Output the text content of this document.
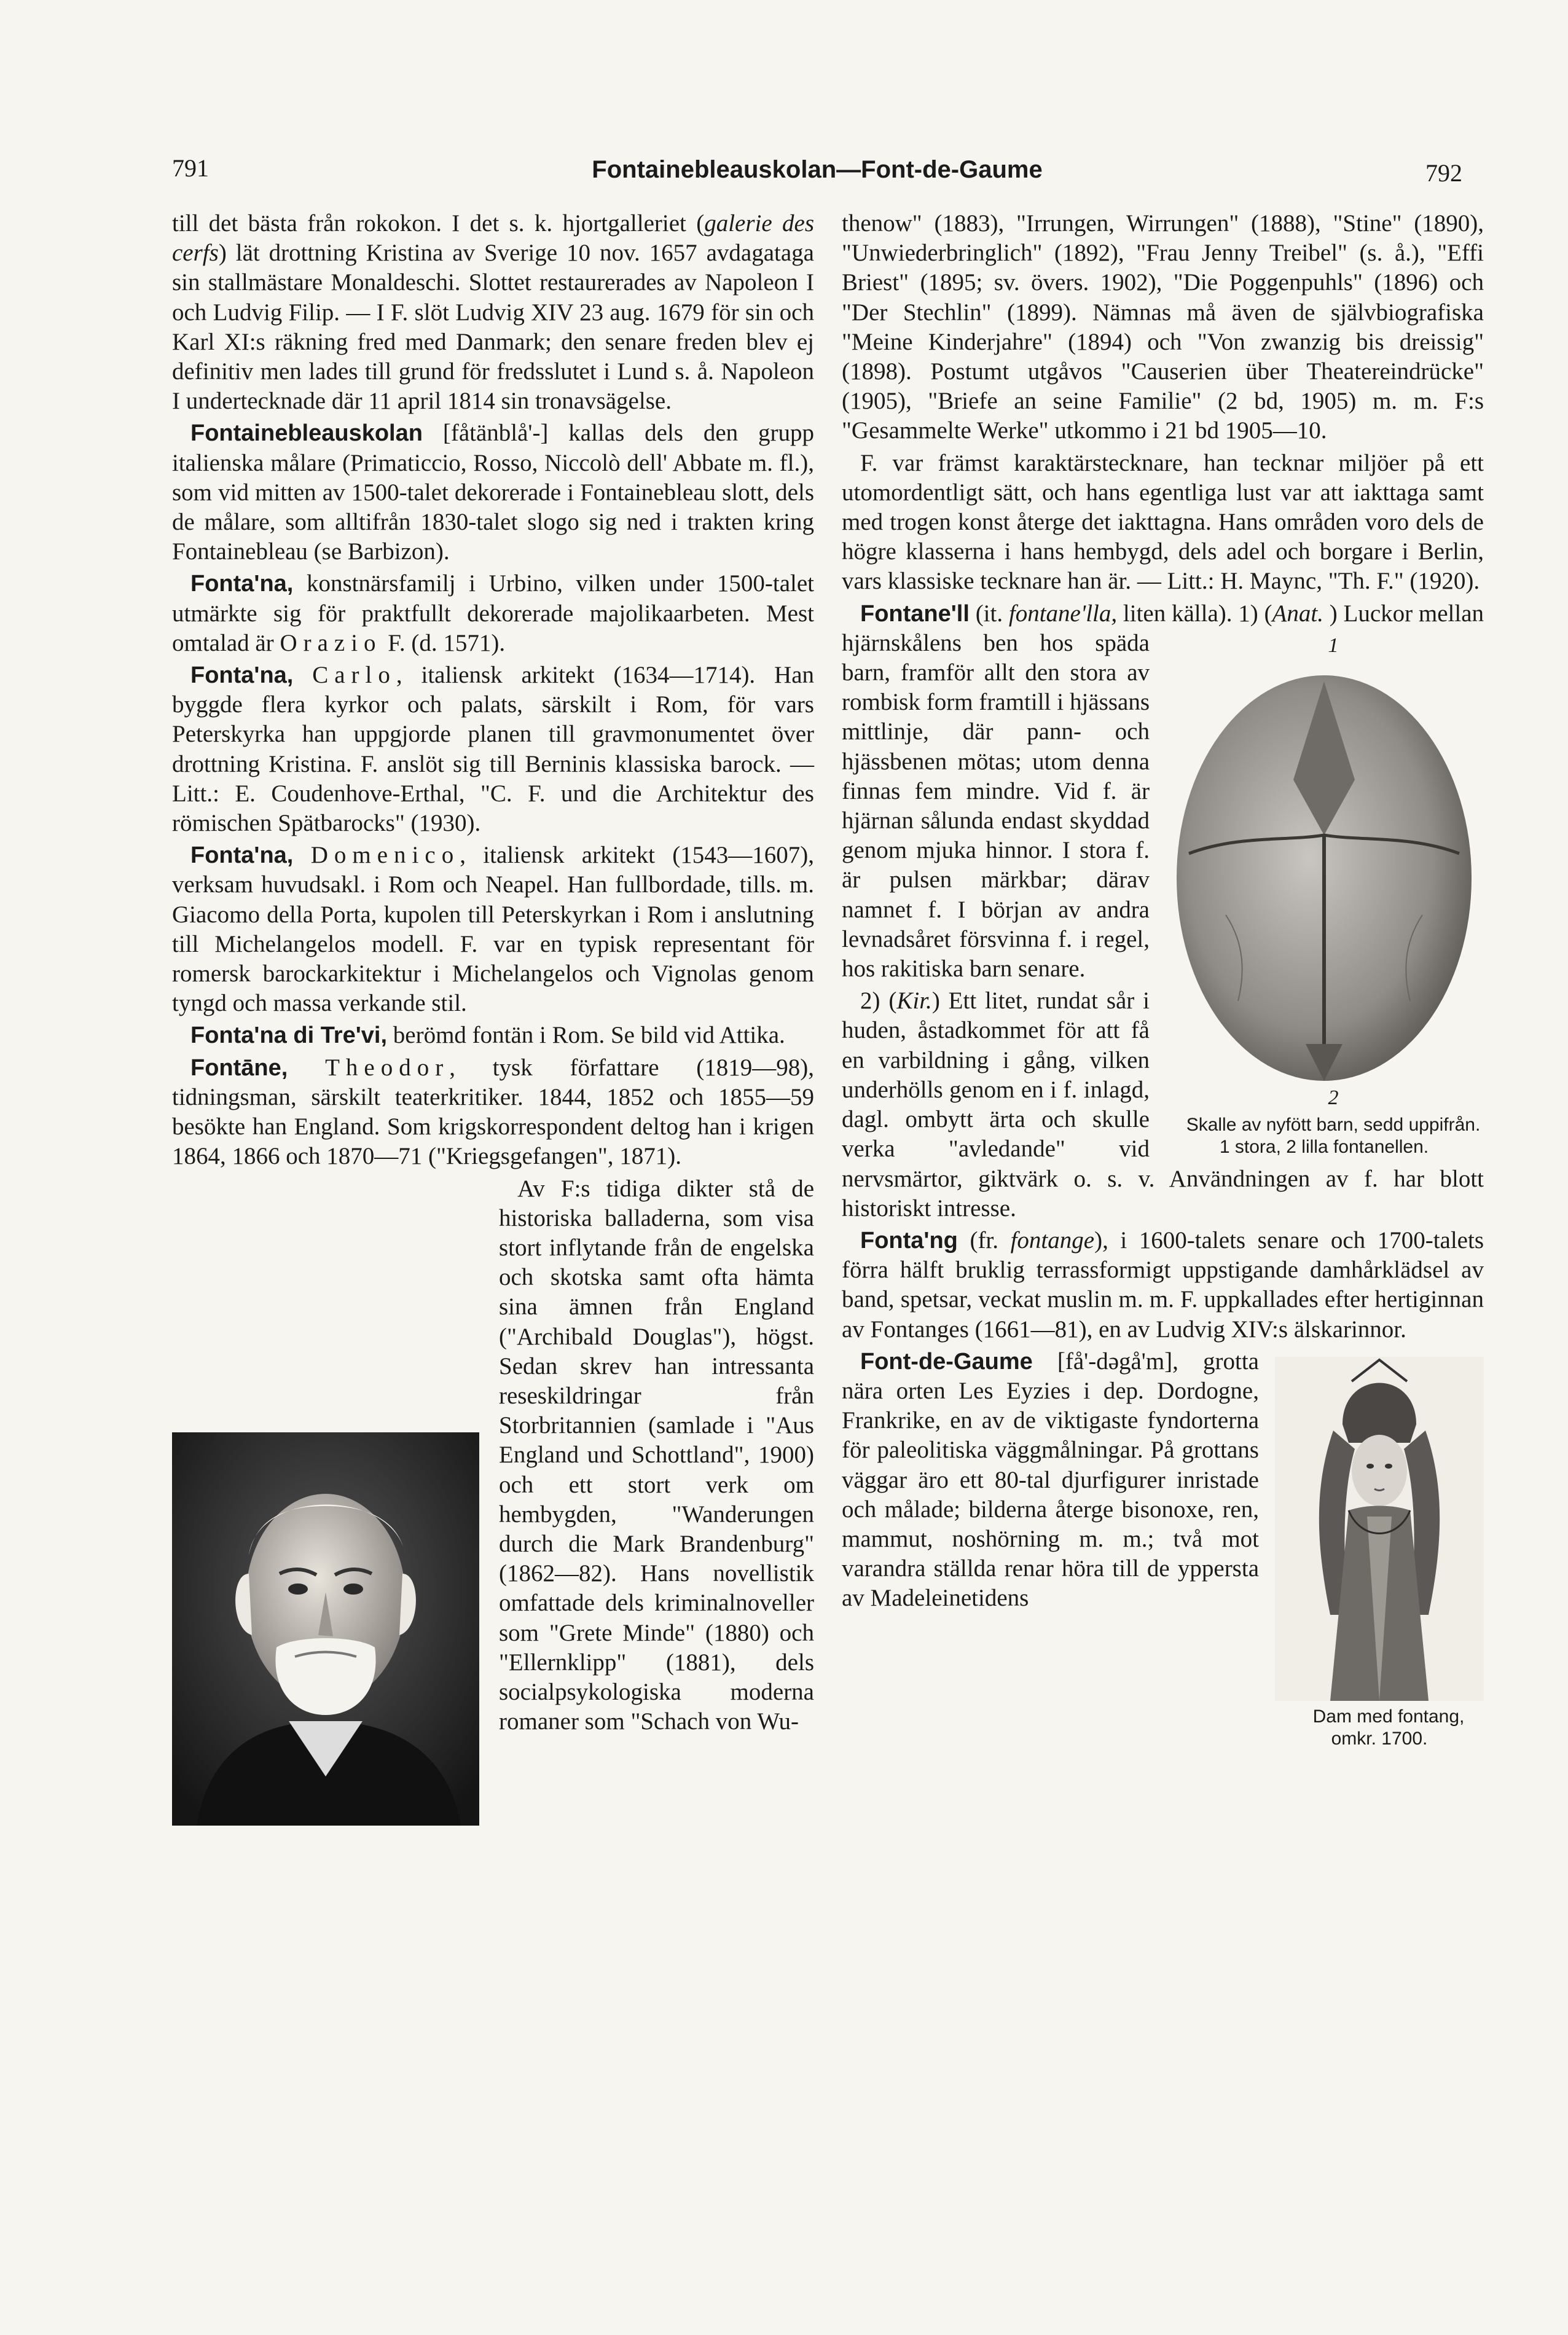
791	Fontainebleauskolan—Font-de-Gaume	792

till det bästa från rokokon. I det s. k. hjortgalleriet (galerie des cerfs) lät drottning Kristina av Sverige 10 nov. 1657 avdagataga sin stallmästare Monaldeschi. Slottet restaurerades av Napoleon I och Ludvig Filip. — I F. slöt Ludvig XIV 23 aug. 1679 för sin och Karl XI:s räkning fred med Danmark; den senare freden blev ej definitiv men lades till grund för fredsslutet i Lund s. å. Napoleon I undertecknade där 11 april 1814 sin tronavsägelse.

Fontainebleauskolan [fåtänblå'-] kallas dels den grupp italienska målare (Primaticcio, Rosso, Niccolò dell' Abbate m. fl.), som vid mitten av 1500-talet dekorerade i Fontainebleau slott, dels de målare, som alltifrån 1830-talet slogo sig ned i trakten kring Fontainebleau (se Barbizon).

Fonta'na, konstnärsfamilj i Urbino, vilken under 1500-talet utmärkte sig för praktfullt dekorerade majolikaarbeten. Mest omtalad är Orazio F. (d. 1571).

Fonta'na, Carlo, italiensk arkitekt (1634—1714). Han byggde flera kyrkor och palats, särskilt i Rom, för vars Peterskyrka han uppgjorde planen till gravmonumentet över drottning Kristina. F. anslöt sig till Berninis klassiska barock. — Litt.: E. Coudenhove-Erthal, "C. F. und die Architektur des römischen Spätbarocks" (1930).

Fonta'na, Domenico, italiensk arkitekt (1543—1607), verksam huvudsakl. i Rom och Neapel. Han fullbordade, tills. m. Giacomo della Porta, kupolen till Peterskyrkan i Rom i anslutning till Michelangelos modell. F. var en typisk representant för romersk barockarkitektur i Michelangelos och Vignolas genom tyngd och massa verkande stil.

Fonta'na di Tre'vi, berömd fontän i Rom. Se bild vid Attika.

Fontāne, Theodor, tysk författare (1819—98), tidningsman, särskilt teaterkritiker. 1844, 1852 och 1855—59 besökte han England. Som krigskorrespondent deltog han i krigen 1864, 1866 och 1870—71 ("Kriegsgefangen", 1871).

Av F:s tidiga dikter stå de historiska balladerna, som visa stort inflytande från de engelska och skotska samt ofta hämta sina ämnen från England ("Archibald Douglas"), högst. Sedan skrev han intressanta reseskildringar från Storbritannien (samlade i "Aus England und Schottland", 1900) och ett stort verk om hembygden, "Wanderungen durch die Mark Brandenburg" (1862—82). Hans novellistik omfattade dels kriminalnoveller som "Grete Minde" (1880) och "Ellernklipp" (1881), dels socialpsykologiska moderna romaner som "Schach von Wu-

thenow" (1883), "Irrungen, Wirrungen" (1888), "Stine" (1890), "Unwiederbringlich" (1892), "Frau Jenny Treibel" (s. å.), "Effi Briest" (1895; sv. övers. 1902), "Die Poggenpuhls" (1896) och "Der Stechlin" (1899). Nämnas må även de självbiografiska "Meine Kinderjahre" (1894) och "Von zwanzig bis dreissig" (1898). Postumt utgåvos "Causerien über Theatereindrücke" (1905), "Briefe an seine Familie" (2 bd, 1905) m. m. F:s "Gesammelte Werke" utkommo i 21 bd 1905—10.

F. var främst karaktärstecknare, han tecknar miljöer på ett utomordentligt sätt, och hans egentliga lust var att iakttaga samt med trogen konst återge det iakttagna. Hans områden voro dels de högre klasserna i hans hembygd, dels adel och borgare i Berlin, vars klassiske tecknare han är. — Litt.: H. Maync, "Th. F." (1920).

Fontane'll (it. fontane'lla, liten källa). 1) (Anat.
1
2
Skalle av nyfött barn, sedd uppifrån. 1 stora, 2 lilla fontanellen.
) Luckor mellan hjärnskålens ben hos späda barn, framför allt den stora av rombisk form framtill i hjässans mittlinje, där pann- och hjässbenen mötas; utom denna finnas fem mindre. Vid f. är hjärnan sålunda endast skyddad genom mjuka hinnor. I stora f. är pulsen märkbar; därav namnet f. I början av andra levnadsåret försvinna f. i regel, hos rakitiska barn senare.

2) (Kir.) Ett litet, rundat sår i huden, åstadkommet för att få en varbildning i gång, vilken underhölls genom en i f. inlagd, dagl. ombytt ärta och skulle verka "avledande" vid nervsmärtor, giktvärk o. s. v. Användningen av f. har blott historiskt intresse.

Fonta'ng (fr. fontange), i 1600-talets senare och 1700-talets förra hälft bruklig terrassformigt uppstigande damhårklädsel av band, spetsar, veckat muslin m. m. F. uppkallades efter hertiginnan av Fontanges (1661—81), en av Ludvig XIV:s älskarinnor.

Dam med fontang, omkr. 1700.
Font-de-Gaume [få'-dəgå'm], grotta nära orten Les Eyzies i dep. Dordogne, Frankrike, en av de viktigaste fyndorterna för paleolitiska väggmålningar. På grottans väggar äro ett 80-tal djurfigurer inristade och målade; bilderna återge bisonoxe, ren, mammut, noshörning m. m.; två mot varandra ställda renar höra till de yppersta av Madeleinetidens
